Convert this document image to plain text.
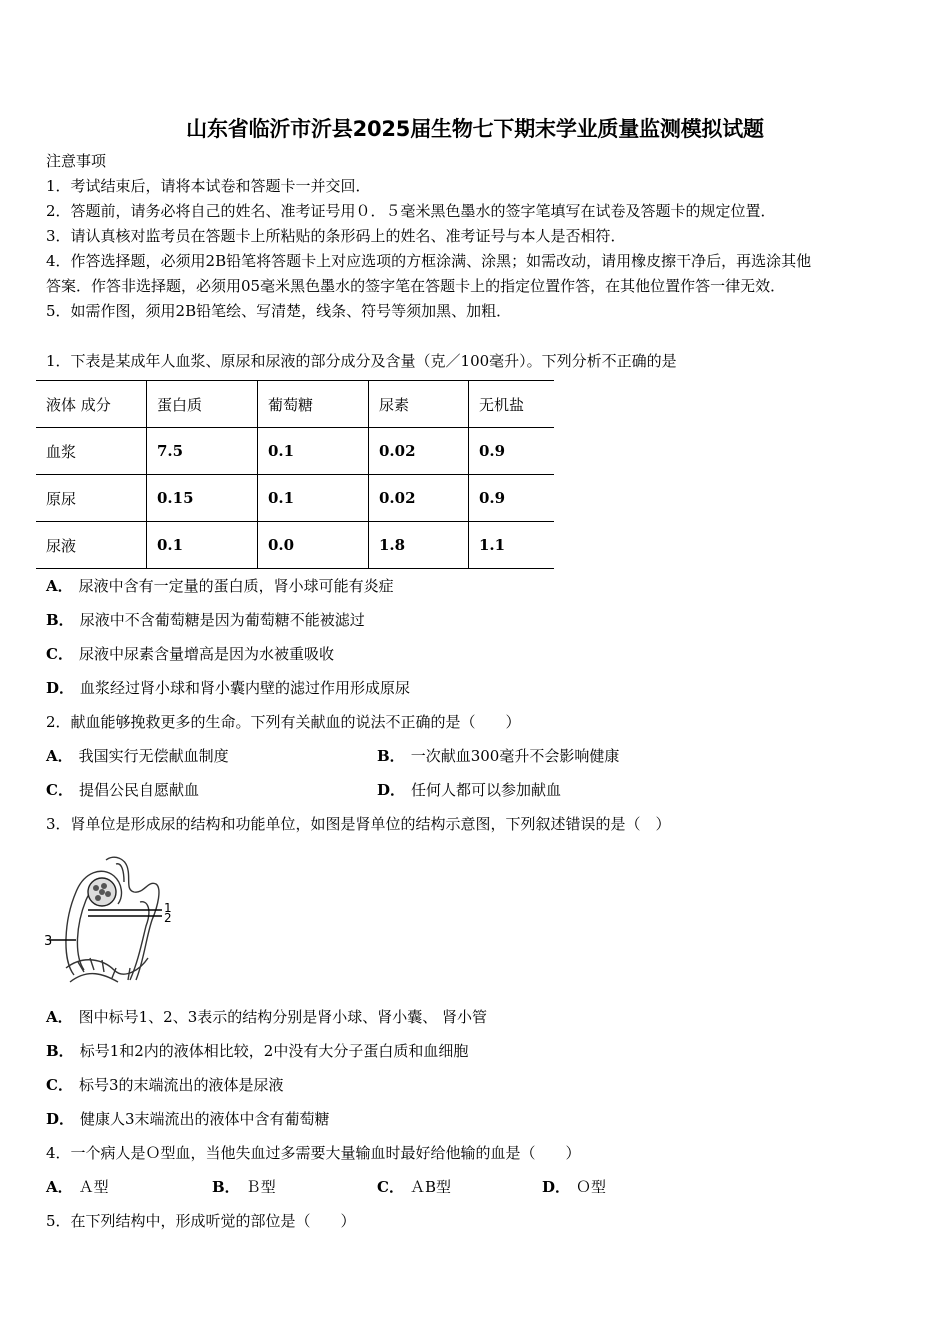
山东省临沂市沂县2025届生物七下期末学业质量监测模拟试题
注意事项
1．考试结束后，请将本试卷和答题卡一并交回．
2．答题前，请务必将自己的姓名、准考证号用０．５毫米黑色墨水的签字笔填写在试卷及答题卡的规定位置．
3．请认真核对监考员在答题卡上所粘贴的条形码上的姓名、准考证号与本人是否相符．
4．作答选择题，必须用2B铅笔将答题卡上对应选项的方框涂满、涂黑；如需改动，请用橡皮擦干净后，再选涂其他
答案．作答非选择题，必须用05毫米黑色墨水的签字笔在答题卡上的指定位置作答，在其他位置作答一律无效．
5．如需作图，须用2B铅笔绘、写清楚，线条、符号等须加黑、加粗．
1．下表是某成年人血浆、原尿和尿液的部分成分及含量（克／100毫升）。下列分析不正确的是
液体 成分	蛋白质	葡萄糖	尿素	无机盐
血浆	7.5	0.1	0.02	0.9
原尿	0.15	0.1	0.02	0.9
尿液	0.1	0.0	1.8	1.1
A． 尿液中含有一定量的蛋白质，肾小球可能有炎症
B． 尿液中不含葡萄糖是因为葡萄糖不能被滤过
C． 尿液中尿素含量增高是因为水被重吸收
D． 血浆经过肾小球和肾小囊内壁的滤过作用形成原尿
2．献血能够挽救更多的生命。下列有关献血的说法不正确的是（　　）
A． 我国实行无偿献血制度	B． 一次献血300毫升不会影响健康
C． 提倡公民自愿献血	D． 任何人都可以参加献血
3．肾单位是形成尿的结构和功能单位，如图是肾单位的结构示意图，下列叙述错误的是（　）
1
2
3
A． 图中标号1、2、3表示的结构分别是肾小球、肾小囊、 肾小管
B． 标号1和2内的液体相比较，2中没有大分子蛋白质和血细胞
C． 标号3的末端流出的液体是尿液
D． 健康人3末端流出的液体中含有葡萄糖
4．一个病人是Ｏ型血，当他失血过多需要大量输血时最好给他输的血是（　　）
A． Ａ型	B． Ｂ型	C． ＡB型	D． Ｏ型
5．在下列结构中，形成听觉的部位是（　　）
